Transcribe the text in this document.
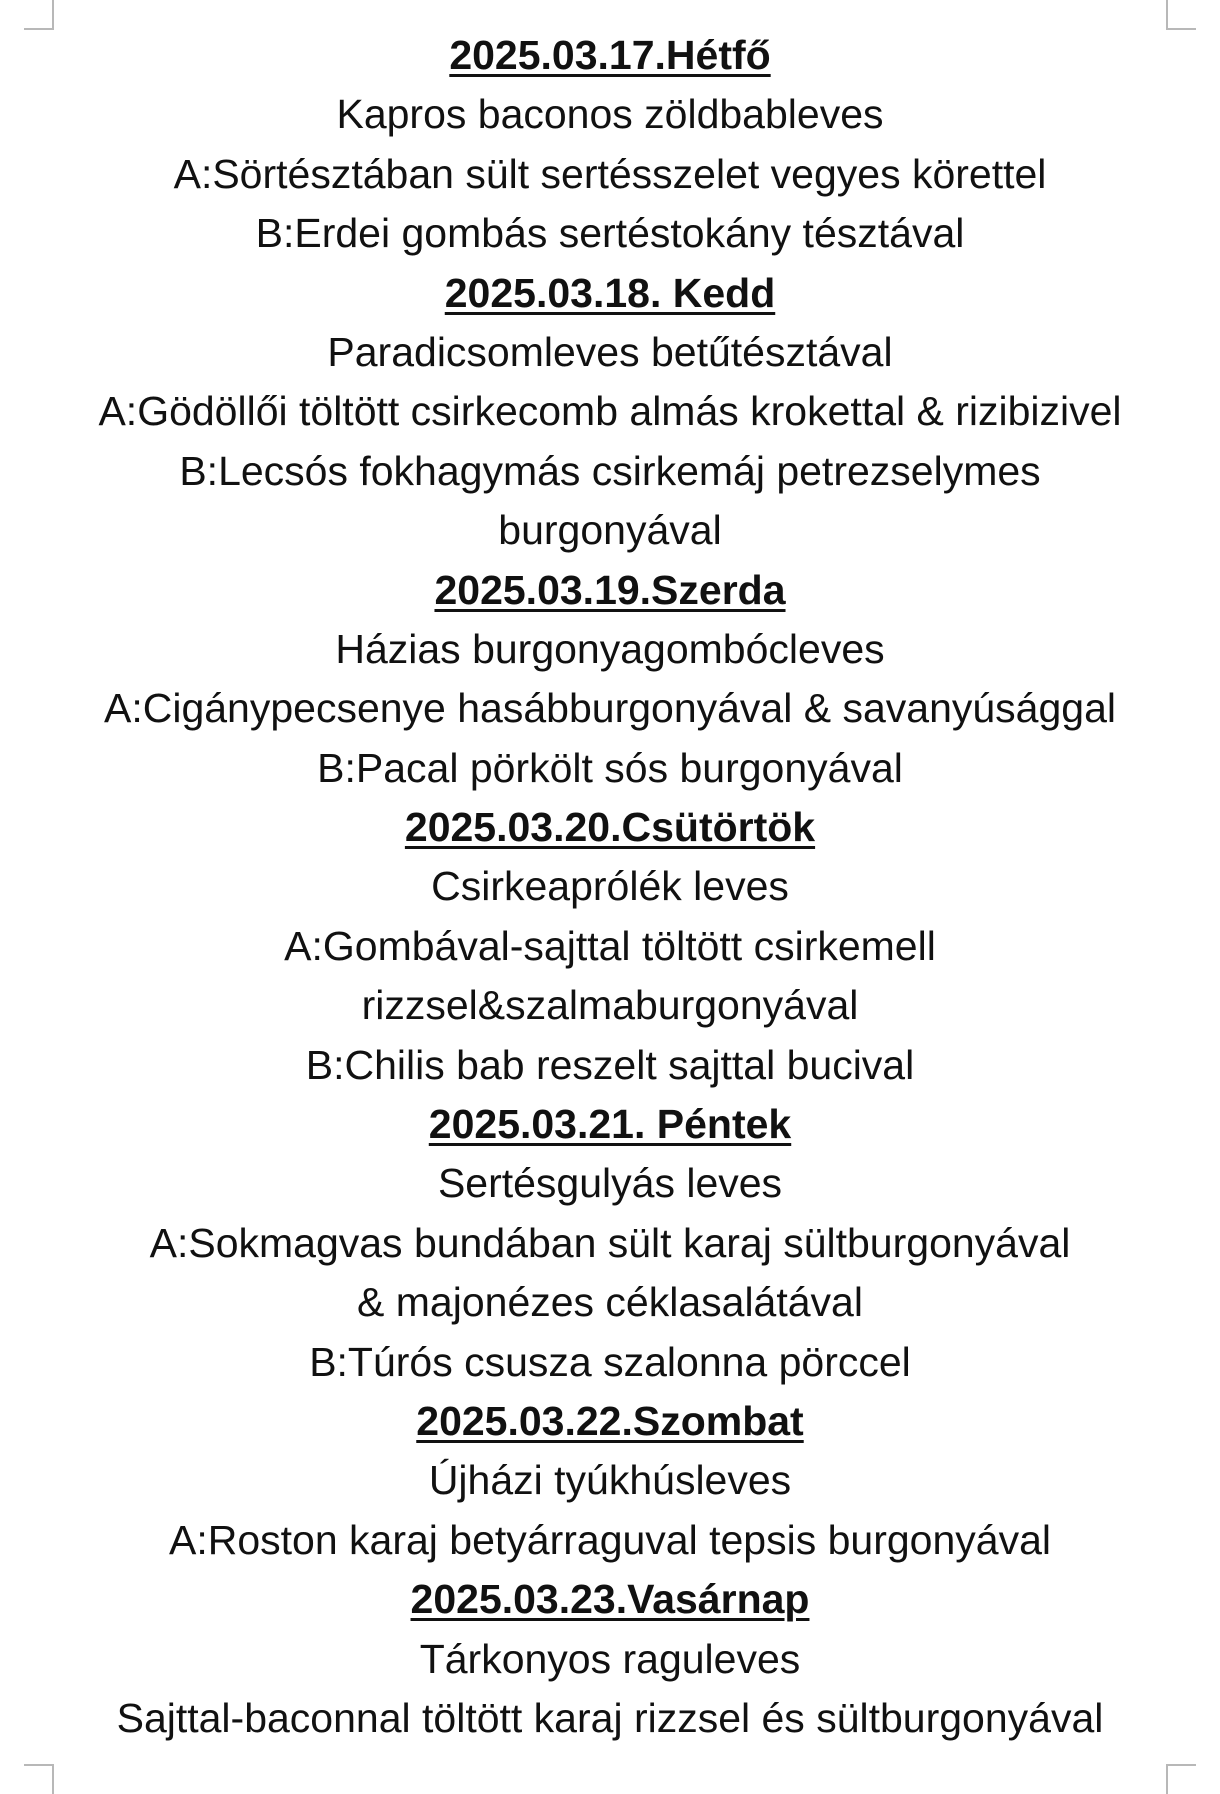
2025.03.17.Hétfő
Kapros baconos zöldbableves
A:Sörtésztában sült sertésszelet vegyes körettel
B:Erdei gombás sertéstokány tésztával
2025.03.18. Kedd
Paradicsomleves betűtésztával
A:Gödöllői töltött csirkecomb almás krokettal & rizibizivel
B:Lecsós fokhagymás csirkemáj petrezselymes
burgonyával
2025.03.19.Szerda
Házias burgonyagombócleves
A:Cigánypecsenye hasábburgonyával & savanyúsággal
B:Pacal pörkölt sós burgonyával
2025.03.20.Csütörtök
Csirkeaprólék leves
A:Gombával-sajttal töltött csirkemell
rizzsel&szalmaburgonyával
B:Chilis bab reszelt sajttal bucival
2025.03.21. Péntek
Sertésgulyás leves
A:Sokmagvas bundában sült karaj sültburgonyával
& majonézes céklasalátával
B:Túrós csusza szalonna pörccel
2025.03.22.Szombat
Újházi tyúkhúsleves
A:Roston karaj betyárraguval tepsis burgonyával
2025.03.23.Vasárnap
Tárkonyos raguleves
Sajttal-baconnal töltött karaj rizzsel és sültburgonyával
